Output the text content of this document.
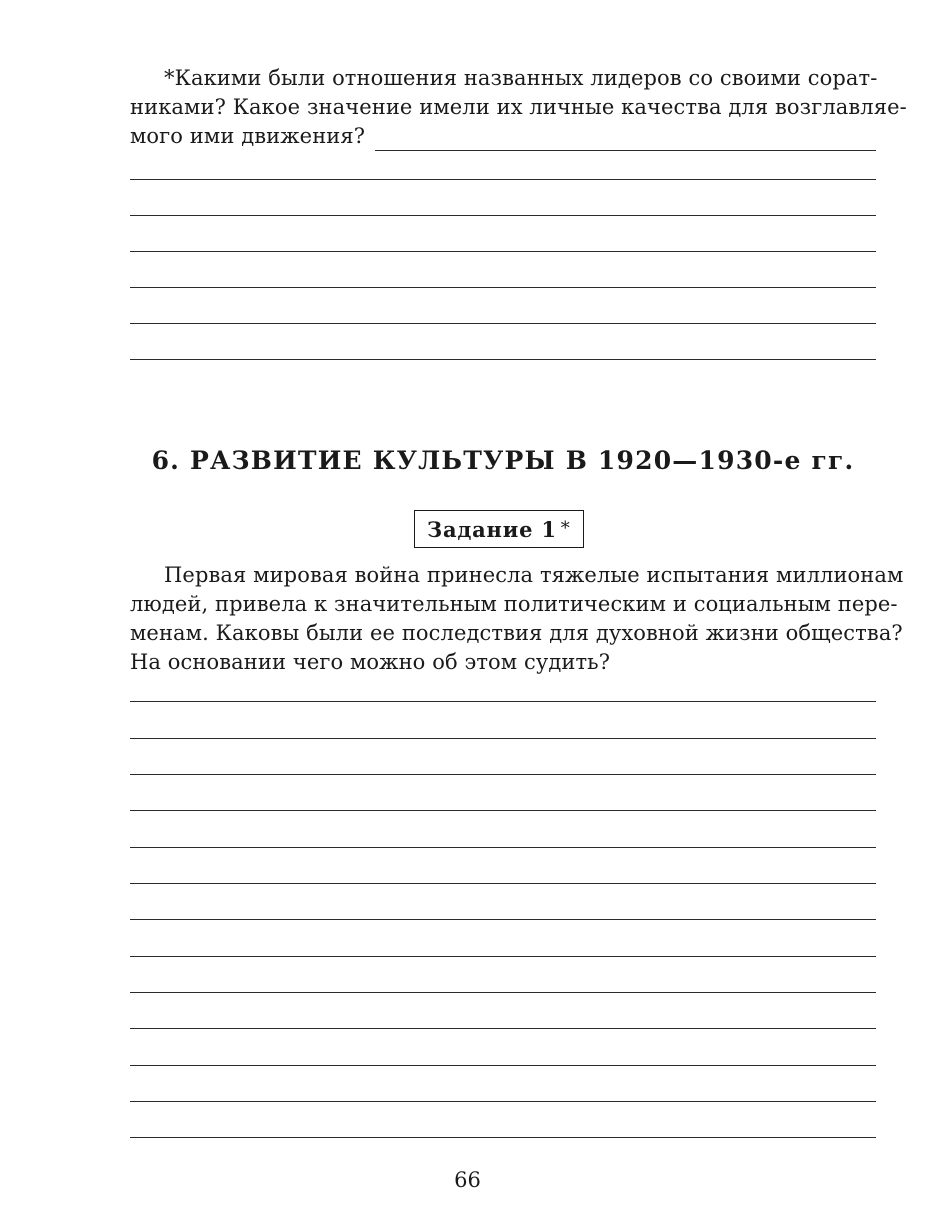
*Какими были отношения названных лидеров со своими сорат-
никами? Какое значение имели их личные качества для возглавляе-
мого ими движения?
6. РАЗВИТИЕ КУЛЬТУРЫ В 1920—1930-е гг.
Задание 1 *
Первая мировая война принесла тяжелые испытания миллионам
людей, привела к значительным политическим и социальным пере-
менам. Каковы были ее последствия для духовной жизни общества?
На основании чего можно об этом судить?
66
